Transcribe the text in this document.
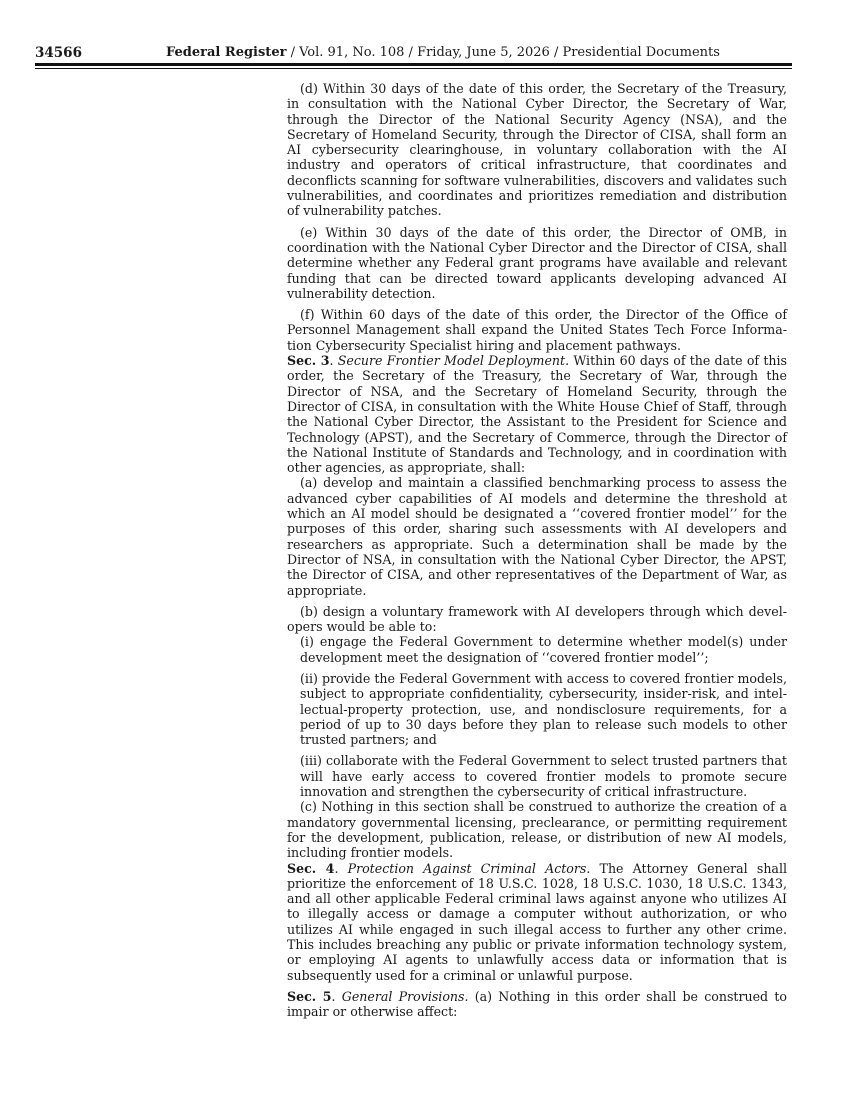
34566	Federal Register / Vol. 91, No. 108 / Friday, June 5, 2026 / Presidential Documents

(d) Within 30 days of the date of this order, the Secretary of the Treasury, in consultation with the National Cyber Director, the Secretary of War, through the Director of the National Security Agency (NSA), and the Secretary of Homeland Security, through the Director of CISA, shall form an AI cybersecurity clearinghouse, in voluntary collaboration with the AI industry and operators of critical infrastructure, that coordinates and deconflicts scanning for software vulnerabilities, discovers and validates such vulnerabilities, and coordinates and prioritizes remediation and distribution of vulnerability patches.

(e) Within 30 days of the date of this order, the Director of OMB, in coordination with the National Cyber Director and the Director of CISA, shall determine whether any Federal grant programs have available and relevant funding that can be directed toward applicants developing advanced AI vulnerability detection.

(f) Within 60 days of the date of this order, the Director of the Office of Personnel Management shall expand the United States Tech Force Information Cybersecurity Specialist hiring and placement pathways.

Sec. 3. Secure Frontier Model Deployment. Within 60 days of the date of this order, the Secretary of the Treasury, the Secretary of War, through the Director of NSA, and the Secretary of Homeland Security, through the Director of CISA, in consultation with the White House Chief of Staff, through the National Cyber Director, the Assistant to the President for Science and Technology (APST), and the Secretary of Commerce, through the Director of the National Institute of Standards and Technology, and in coordination with other agencies, as appropriate, shall:

(a) develop and maintain a classified benchmarking process to assess the advanced cyber capabilities of AI models and determine the threshold at which an AI model should be designated a ‘‘covered frontier model’’ for the purposes of this order, sharing such assessments with AI developers and researchers as appropriate. Such a determination shall be made by the Director of NSA, in consultation with the National Cyber Director, the APST, the Director of CISA, and other representatives of the Department of War, as appropriate.

(b) design a voluntary framework with AI developers through which developers would be able to:

(i) engage the Federal Government to determine whether model(s) under development meet the designation of ‘‘covered frontier model’’;

(ii) provide the Federal Government with access to covered frontier models, subject to appropriate confidentiality, cybersecurity, insider-risk, and intellectual-property protection, use, and nondisclosure requirements, for a period of up to 30 days before they plan to release such models to other trusted partners; and

(iii) collaborate with the Federal Government to select trusted partners that will have early access to covered frontier models to promote secure innovation and strengthen the cybersecurity of critical infrastructure.

(c) Nothing in this section shall be construed to authorize the creation of a mandatory governmental licensing, preclearance, or permitting requirement for the development, publication, release, or distribution of new AI models, including frontier models.

Sec. 4. Protection Against Criminal Actors. The Attorney General shall prioritize the enforcement of 18 U.S.C. 1028, 18 U.S.C. 1030, 18 U.S.C. 1343, and all other applicable Federal criminal laws against anyone who utilizes AI to illegally access or damage a computer without authorization, or who utilizes AI while engaged in such illegal access to further any other crime. This includes breaching any public or private information technology system, or employing AI agents to unlawfully access data or information that is subsequently used for a criminal or unlawful purpose.

Sec. 5. General Provisions. (a) Nothing in this order shall be construed to impair or otherwise affect:
